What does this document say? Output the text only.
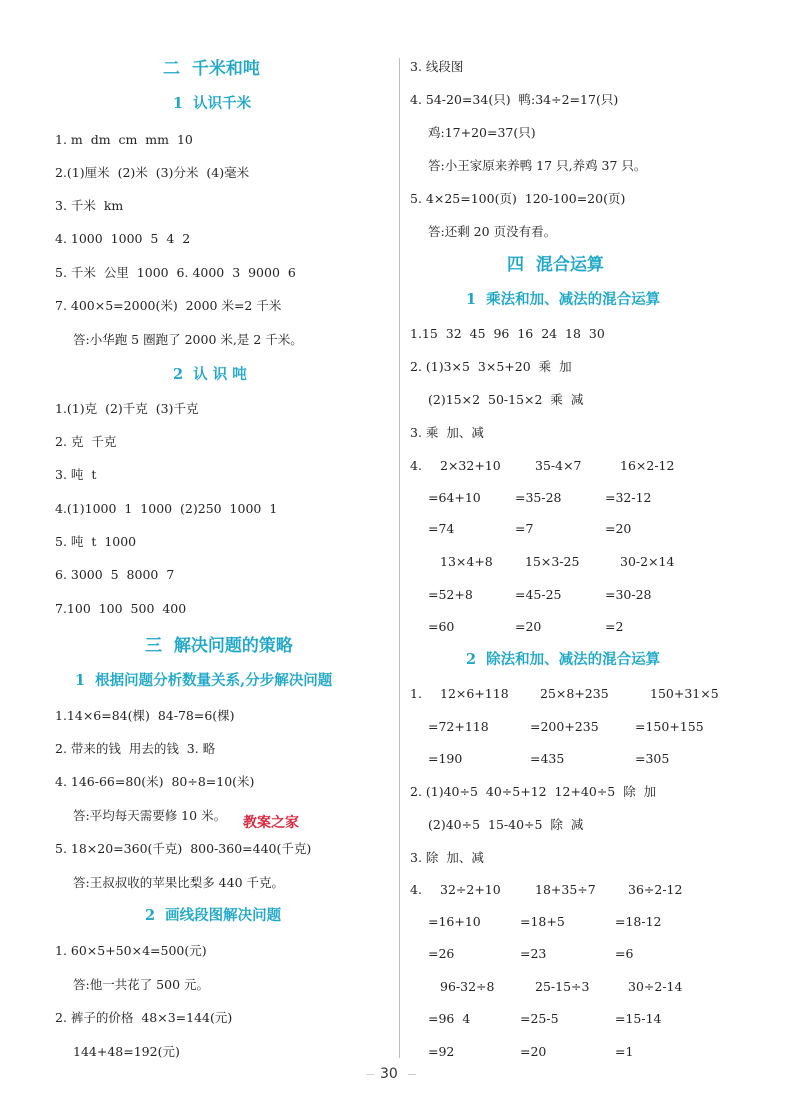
二  千米和吨
1  认识千米
1. m  dm  cm  mm  10
2.(1)厘米  (2)米  (3)分米  (4)毫米
3. 千米  km
4. 1000  1000  5  4  2
5. 千米  公里  1000  6. 4000  3  9000  6
7. 400×5=2000(米)  2000 米=2 千米
答:小华跑 5 圈跑了 2000 米,是 2 千米。
2  认 识 吨
1.(1)克  (2)千克  (3)千克
2. 克  千克
3. 吨  t
4.(1)1000  1  1000  (2)250  1000  1
5. 吨  t  1000
6. 3000  5  8000  7
7.100  100  500  400
三  解决问题的策略
1  根据问题分析数量关系,分步解决问题
1.14×6=84(棵)  84-78=6(棵)
2. 带来的钱  用去的钱  3. 略
4. 146-66=80(米)  80÷8=10(米)
答:平均每天需要修 10 米。
5. 18×20=360(千克)  800-360=440(千克)
答:王叔叔收的苹果比梨多 440 千克。
2  画线段图解决问题
1. 60×5+50×4=500(元)
答:他一共花了 500 元。
2. 裤子的价格  48×3=144(元)
144+48=192(元)
教案之家
3. 线段图
4. 54-20=34(只)  鸭:34÷2=17(只)
鸡:17+20=37(只)
答:小王家原来养鸭 17 只,养鸡 37 只。
5. 4×25=100(页)  120-100=20(页)
答:还剩 20 页没有看。
四  混合运算
1  乘法和加、减法的混合运算
1.15  32  45  96  16  24  18  30
2. (1)3×5  3×5+20  乘  加
(2)15×2  50-15×2  乘  减
3. 乘  加、减
4. 2×32+10	35-4×7	16×2-12
=64+10	=35-28	=32-12
=74	=7	=20
13×4+8	15×3-25	30-2×14
=52+8	=45-25	=30-28
=60	=20	=2
2  除法和加、减法的混合运算
1. 12×6+118	25×8+235	150+31×5
=72+118	=200+235	=150+155
=190	=435	=305
2. (1)40÷5  40÷5+12  12+40÷5  除  加
(2)40÷5  15-40÷5  除  减
3. 除  加、减
4. 32÷2+10	18+35÷7	36÷2-12
=16+10	=18+5	=18-12
=26	=23	=6
96-32÷8	25-15÷3	30÷2-14
=96  4	=25-5	=15-14
=92	=20	=1
30
